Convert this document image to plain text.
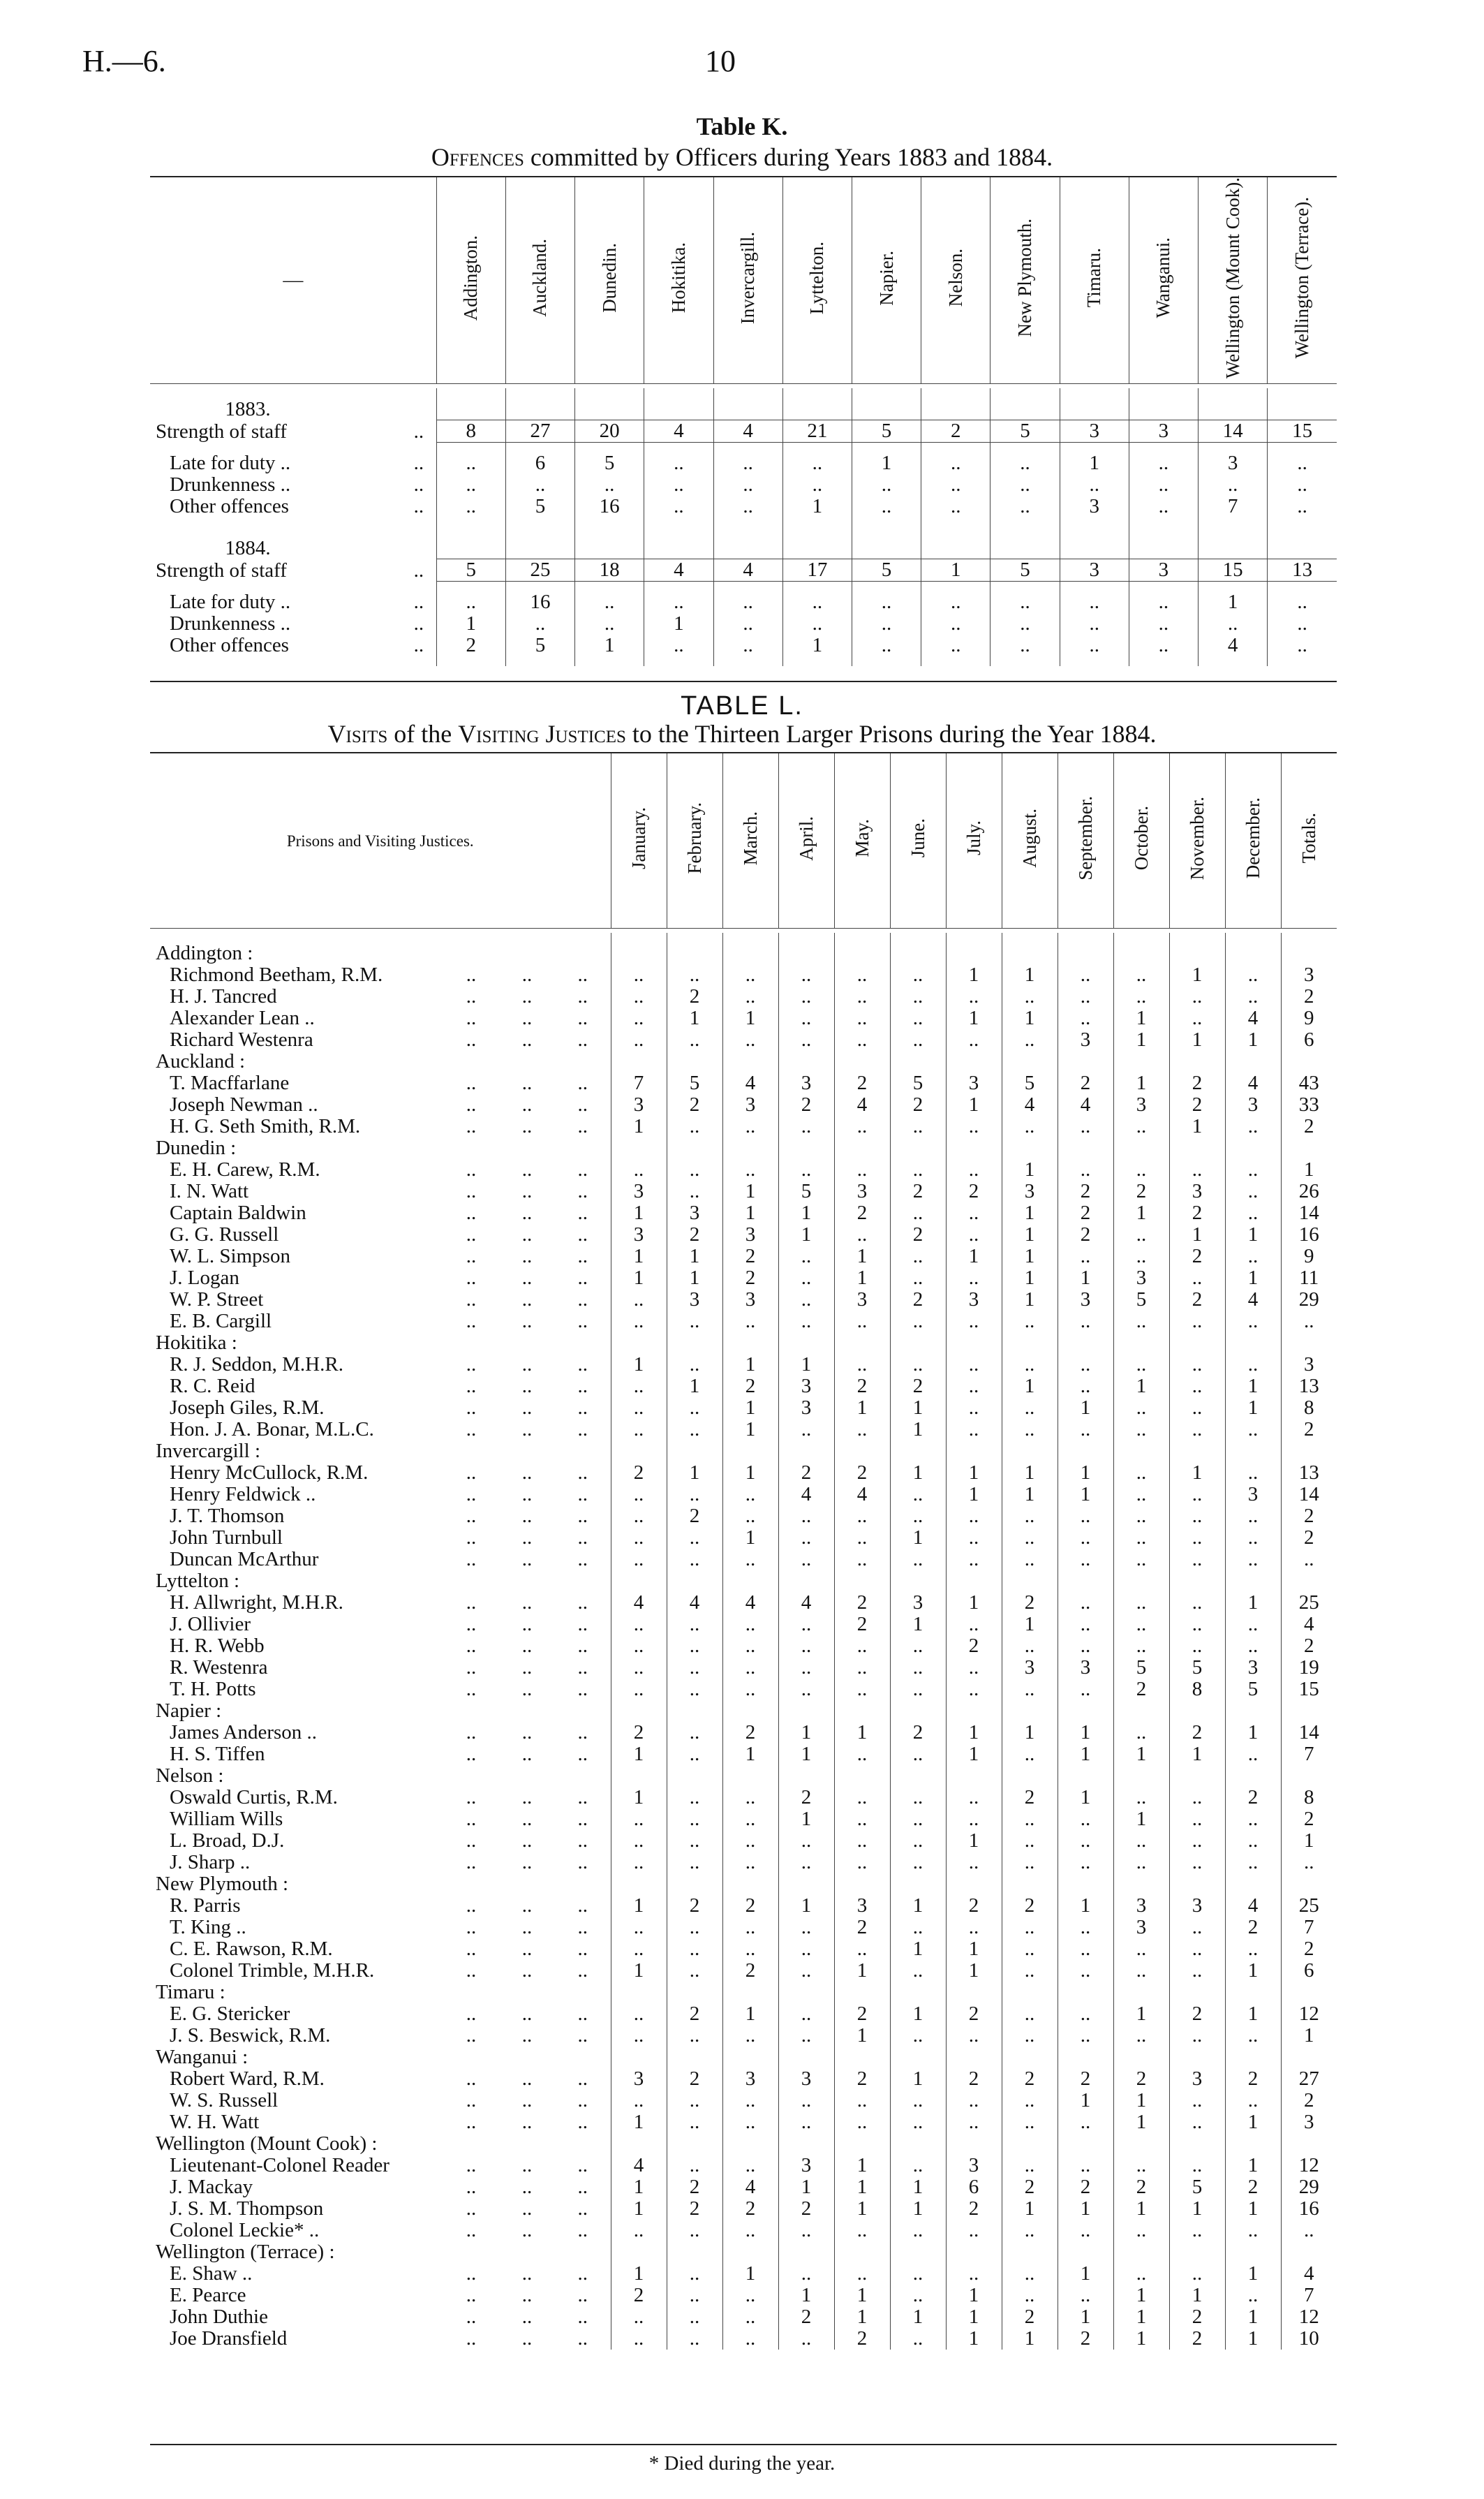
H.—6.	10
Table K.
Offences committed by Officers during Years 1883 and 1884.
—		Addington.	Auckland.	Dunedin.	Hokitika.	Invercargill.	Lyttelton.	Napier.	Nelson.	New Plymouth.	Timaru.	Wanganui.	Wellington (Mount Cook).	Wellington (Terrace).

1883.														
Strength of staff	..	8	27	20	4	4	21	5	2	5	3	3	14	15

Late for duty ..	..	..	6	5	..	..	..	1	..	..	1	..	3	..
Drunkenness ..	..	..	..	..	..	..	..	..	..	..	..	..	..	..
Other offences	..	..	5	16	..	..	1	..	..	..	3	..	7	..

1884.														
Strength of staff	..	5	25	18	4	4	17	5	1	5	3	3	15	13

Late for duty ..	..	..	16	..	..	..	..	..	..	..	..	..	1	..
Drunkenness ..	..	1	..	..	1	..	..	..	..	..	..	..	..	..
Other offences	..	2	5	1	..	..	1	..	..	..	..	..	4	..

TABLE L.
Visits of the Visiting Justices to the Thirteen Larger Prisons during the Year 1884.
Prisons and Visiting Justices.				January.	February.	March.	April.	May.	June.	July.	August.	September.	October.	November.	December.	Totals.

Addington :																
Richmond Beetham, R.M.	..	..	..	..	..	..	..	..	..	1	1	..	..	1	..	3
H. J. Tancred	..	..	..	..	2	..	..	..	..	..	..	..	..	..	..	2
Alexander Lean ..	..	..	..	..	1	1	..	..	..	1	1	..	1	..	4	9
Richard Westenra	..	..	..	..	..	..	..	..	..	..	..	3	1	1	1	6
Auckland :																
T. Macffarlane	..	..	..	7	5	4	3	2	5	3	5	2	1	2	4	43
Joseph Newman ..	..	..	..	3	2	3	2	4	2	1	4	4	3	2	3	33
H. G. Seth Smith, R.M.	..	..	..	1	..	..	..	..	..	..	..	..	..	1	..	2
Dunedin :																
E. H. Carew, R.M.	..	..	..	..	..	..	..	..	..	..	1	..	..	..	..	1
I. N. Watt	..	..	..	3	..	1	5	3	2	2	3	2	2	3	..	26
Captain Baldwin	..	..	..	1	3	1	1	2	..	..	1	2	1	2	..	14
G. G. Russell	..	..	..	3	2	3	1	..	2	..	1	2	..	1	1	16
W. L. Simpson	..	..	..	1	1	2	..	1	..	1	1	..	..	2	..	9
J. Logan	..	..	..	1	1	2	..	1	..	..	1	1	3	..	1	11
W. P. Street	..	..	..	..	3	3	..	3	2	3	1	3	5	2	4	29
E. B. Cargill	..	..	..	..	..	..	..	..	..	..	..	..	..	..	..	..
Hokitika :																
R. J. Seddon, M.H.R.	..	..	..	1	..	1	1	..	..	..	..	..	..	..	..	3
R. C. Reid	..	..	..	..	1	2	3	2	2	..	1	..	1	..	1	13
Joseph Giles, R.M.	..	..	..	..	..	1	3	1	1	..	..	1	..	..	1	8
Hon. J. A. Bonar, M.L.C.	..	..	..	..	..	1	..	..	1	..	..	..	..	..	..	2
Invercargill :																
Henry McCullock, R.M.	..	..	..	2	1	1	2	2	1	1	1	1	..	1	..	13
Henry Feldwick ..	..	..	..	..	..	..	4	4	..	1	1	1	..	..	3	14
J. T. Thomson	..	..	..	..	2	..	..	..	..	..	..	..	..	..	..	2
John Turnbull	..	..	..	..	..	1	..	..	1	..	..	..	..	..	..	2
Duncan McArthur	..	..	..	..	..	..	..	..	..	..	..	..	..	..	..	..
Lyttelton :																
H. Allwright, M.H.R.	..	..	..	4	4	4	4	2	3	1	2	..	..	..	1	25
J. Ollivier	..	..	..	..	..	..	..	2	1	..	1	..	..	..	..	4
H. R. Webb	..	..	..	..	..	..	..	..	..	2	..	..	..	..	..	2
R. Westenra	..	..	..	..	..	..	..	..	..	..	3	3	5	5	3	19
T. H. Potts	..	..	..	..	..	..	..	..	..	..	..	..	2	8	5	15
Napier :																
James Anderson ..	..	..	..	2	..	2	1	1	2	1	1	1	..	2	1	14
H. S. Tiffen	..	..	..	1	..	1	1	..	..	1	..	1	1	1	..	7
Nelson :																
Oswald Curtis, R.M.	..	..	..	1	..	..	2	..	..	..	2	1	..	..	2	8
William Wills	..	..	..	..	..	..	1	..	..	..	..	..	1	..	..	2
L. Broad, D.J.	..	..	..	..	..	..	..	..	..	1	..	..	..	..	..	1
J. Sharp ..	..	..	..	..	..	..	..	..	..	..	..	..	..	..	..	..
New Plymouth :																
R. Parris	..	..	..	1	2	2	1	3	1	2	2	1	3	3	4	25
T. King ..	..	..	..	..	..	..	..	2	..	..	..	..	3	..	2	7
C. E. Rawson, R.M.	..	..	..	..	..	..	..	..	1	1	..	..	..	..	..	2
Colonel Trimble, M.H.R.	..	..	..	1	..	2	..	1	..	1	..	..	..	..	1	6
Timaru :																
E. G. Stericker	..	..	..	..	2	1	..	2	1	2	..	..	1	2	1	12
J. S. Beswick, R.M.	..	..	..	..	..	..	..	1	..	..	..	..	..	..	..	1
Wanganui :																
Robert Ward, R.M.	..	..	..	3	2	3	3	2	1	2	2	2	2	3	2	27
W. S. Russell	..	..	..	..	..	..	..	..	..	..	..	1	1	..	..	2
W. H. Watt	..	..	..	1	..	..	..	..	..	..	..	..	1	..	1	3
Wellington (Mount Cook) :																
Lieutenant-Colonel Reader	..	..	..	4	..	..	3	1	..	3	..	..	..	..	1	12
J. Mackay	..	..	..	1	2	4	1	1	1	6	2	2	2	5	2	29
J. S. M. Thompson	..	..	..	1	2	2	2	1	1	2	1	1	1	1	1	16
Colonel Leckie* ..	..	..	..	..	..	..	..	..	..	..	..	..	..	..	..	..
Wellington (Terrace) :																
E. Shaw ..	..	..	..	1	..	1	..	..	..	..	..	1	..	..	1	4
E. Pearce	..	..	..	2	..	..	1	1	..	1	..	..	1	1	..	7
John Duthie	..	..	..	..	..	..	2	1	1	1	2	1	1	2	1	12
Joe Dransfield	..	..	..	..	..	..	..	2	..	1	1	2	1	2	1	10
* Died during the year.
